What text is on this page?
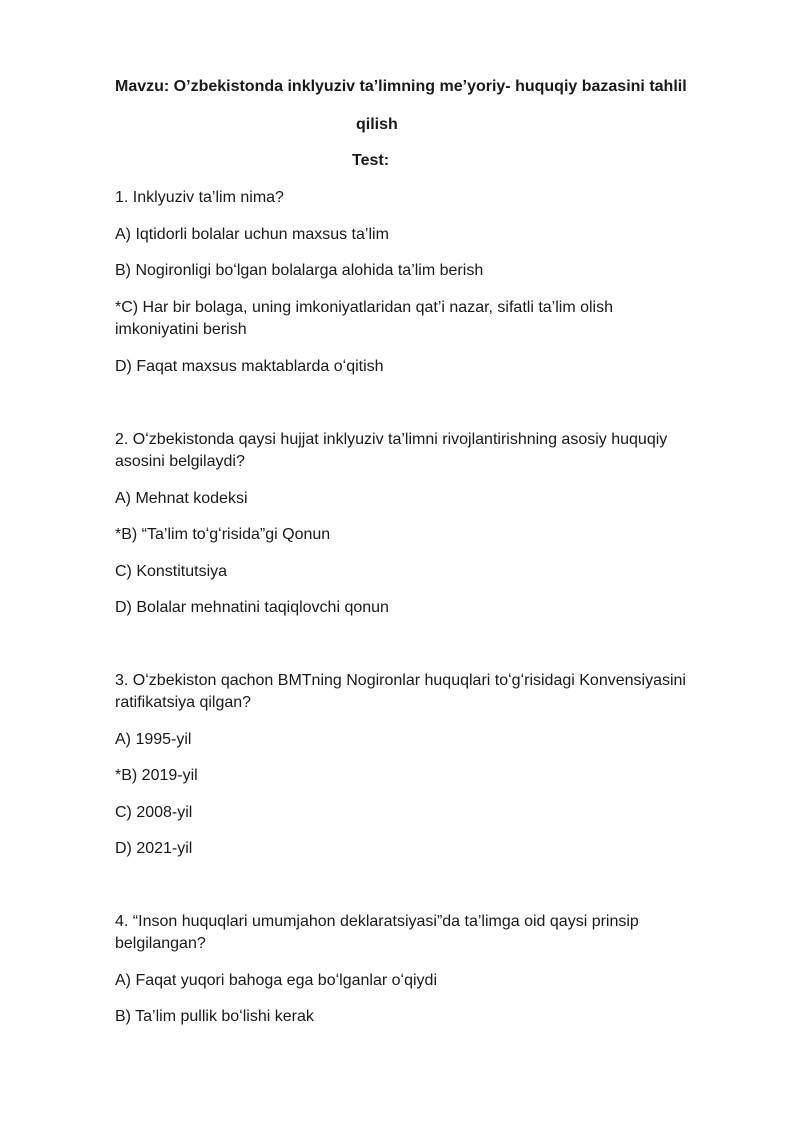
Mavzu: O’zbekistonda inklyuziv ta’limning me’yoriy- huquqiy bazasini tahlil

qilish

Test:

1. Inklyuziv ta’lim nima?

A) Iqtidorli bolalar uchun maxsus ta’lim

B) Nogironligi boʻlgan bolalarga alohida ta’lim berish

*C) Har bir bolaga, uning imkoniyatlaridan qat’i nazar, sifatli ta’lim olish

imkoniyatini berish

D) Faqat maxsus maktablarda oʻqitish

2. Oʻzbekistonda qaysi hujjat inklyuziv ta’limni rivojlantirishning asosiy huquqiy

asosini belgilaydi?

A) Mehnat kodeksi

*B) “Ta’lim toʻgʻrisida”gi Qonun

C) Konstitutsiya

D) Bolalar mehnatini taqiqlovchi qonun

3. Oʻzbekiston qachon BMTning Nogironlar huquqlari toʻgʻrisidagi Konvensiyasini

ratifikatsiya qilgan?

A) 1995-yil

*B) 2019-yil

C) 2008-yil

D) 2021-yil

4. “Inson huquqlari umumjahon deklaratsiyasi”da ta’limga oid qaysi prinsip

belgilangan?

A) Faqat yuqori bahoga ega boʻlganlar oʻqiydi

B) Ta’lim pullik boʻlishi kerak
